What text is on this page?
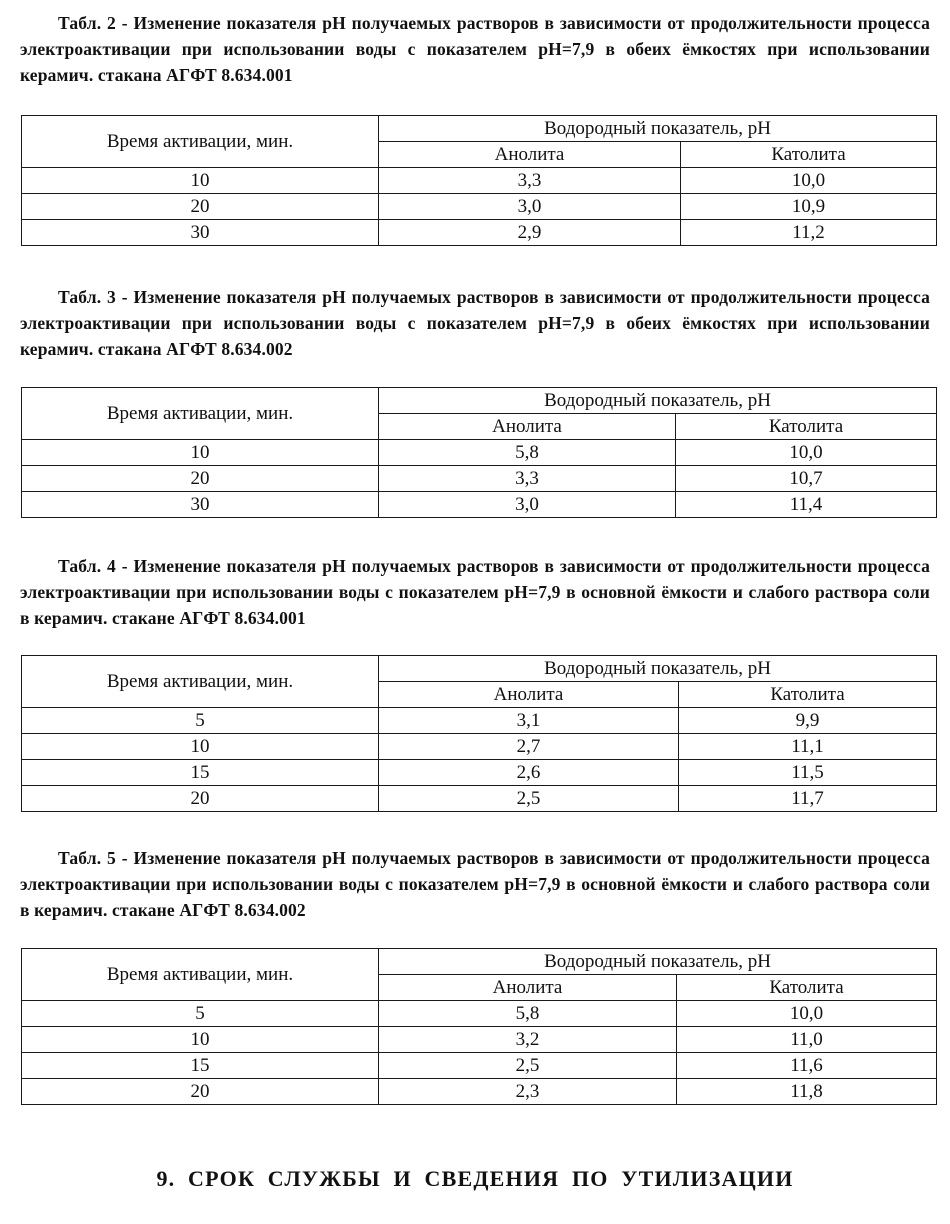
Табл. 2 - Изменение показателя pH получаемых растворов в зависимости от продолжительности процесса электроактивации при использовании воды с показателем pH=7,9 в обеих ёмкостях при использовании керамич. стакана АГФТ 8.634.001
Время активации, мин.	Водородный показатель, pH	
	Анолита	Католита
10	3,3	10,0
20	3,0	10,9
30	2,9	11,2
Табл. 3 - Изменение показателя pH получаемых растворов в зависимости от продолжительности процесса электроактивации при использовании воды с показателем pH=7,9 в обеих ёмкостях при использовании керамич. стакана АГФТ 8.634.002
Время активации, мин.	Водородный показатель, pH	
	Анолита	Католита
10	5,8	10,0
20	3,3	10,7
30	3,0	11,4
Табл. 4 - Изменение показателя pH получаемых растворов в зависимости от продолжительности процесса электроактивации при использовании воды с показателем pH=7,9 в основной ёмкости и слабого раствора соли в керамич. стакане АГФТ 8.634.001
Время активации, мин.	Водородный показатель, pH	
	Анолита	Католита
5	3,1	9,9
10	2,7	11,1
15	2,6	11,5
20	2,5	11,7
Табл. 5 - Изменение показателя pH получаемых растворов в зависимости от продолжительности процесса электроактивации при использовании воды с показателем pH=7,9 в основной ёмкости и слабого раствора соли в керамич. стакане АГФТ 8.634.002
Время активации, мин.	Водородный показатель, pH	
	Анолита	Католита
5	5,8	10,0
10	3,2	11,0
15	2,5	11,6
20	2,3	11,8
9. СРОК СЛУЖБЫ И СВЕДЕНИЯ ПО УТИЛИЗАЦИИ
